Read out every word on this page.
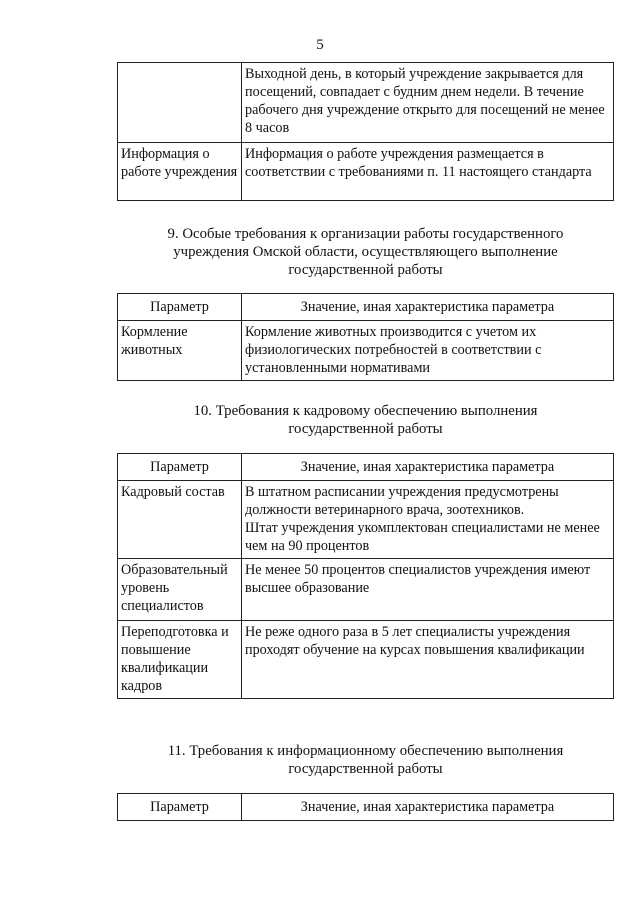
5
	Выходной день, в который учреждение закрывается для посещений, совпадает с будним днем недели. В течение рабочего дня учреждение открыто для посещений не менее 8 часов
Информация о работе учреждения	Информация о работе учреждения размещается в соответствии с требованиями п. 11 настоящего стандарта
9. Особые требования к организации работы государственного
учреждения Омской области, осуществляющего выполнение
государственной работы
Параметр	Значение, иная характеристика параметра
Кормление животных	Кормление животных производится с учетом их физиологических потребностей в соответствии с установленными нормативами
10. Требования к кадровому обеспечению выполнения
государственной работы
Параметр	Значение, иная характеристика параметра
Кадровый состав	В штатном расписании учреждения предусмотрены должности ветеринарного врача, зоотехников.
Штат учреждения укомплектован специалистами не менее чем на 90 процентов

Образовательный уровень специалистов	Не менее 50 процентов специалистов учреждения имеют высшее образование
Переподготовка и повышение квалификации кадров	Не реже одного раза в 5 лет специалисты учреждения проходят обучение на курсах повышения квалификации
11. Требования к информационному обеспечению выполнения
государственной работы
Параметр	Значение, иная характеристика параметра
